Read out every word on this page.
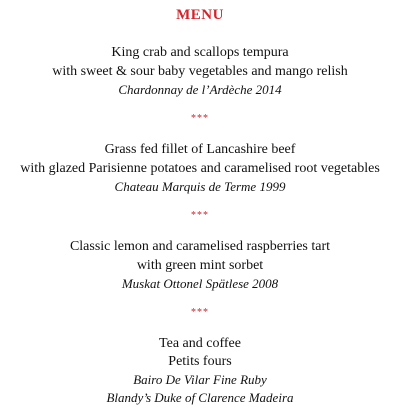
MENU
King crab and scallops tempura
with sweet & sour baby vegetables and mango relish
Chardonnay de l’Ardèche 2014
***
Grass fed fillet of Lancashire beef
with glazed Parisienne potatoes and caramelised root vegetables
Chateau Marquis de Terme 1999
***
Classic lemon and caramelised raspberries tart
with green mint sorbet
Muskat Ottonel Spätlese 2008
***
Tea and coffee
Petits fours
Bairo De Vilar Fine Ruby
Blandy’s Duke of Clarence Madeira
